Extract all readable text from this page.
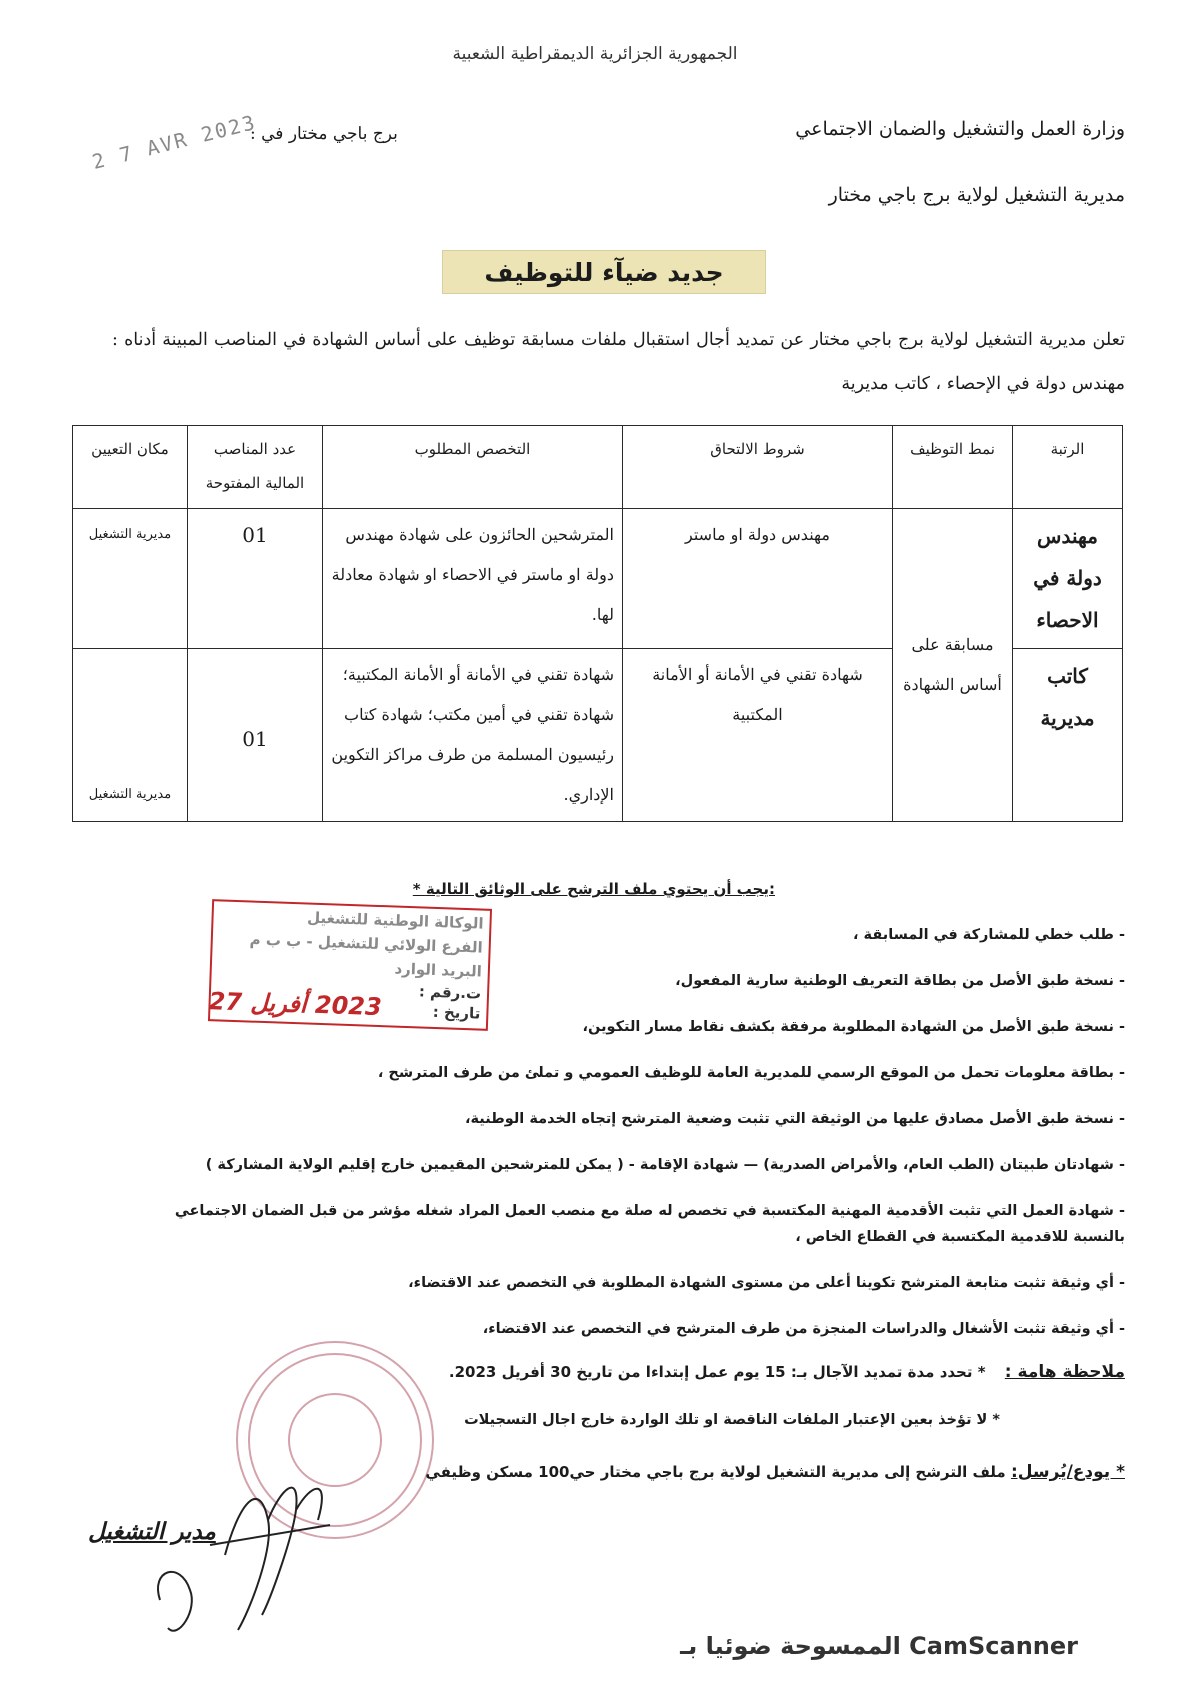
الجمهورية الجزائرية الديمقراطية الشعبية
وزارة العمل والتشغيل والضمان الاجتماعي
مديرية التشغيل لولاية برج باجي مختار
برج باجي مختار في :
2 7 AVR 2023
جديد ضيآء للتوظيف
تعلن مديرية التشغيل لولاية برج باجي مختار عن تمديد أجال استقبال ملفات مسابقة توظيف على أساس الشهادة في المناصب المبينة أدناه : مهندس دولة في الإحصاء ، كاتب مديرية
الرتبة	نمط التوظيف	شروط الالتحاق	التخصص المطلوب	عدد المناصب المالية المفتوحة	مكان التعيين
مهندس دولة في الاحصاء	مسابقة على أساس الشهادة	مهندس دولة او ماستر	المترشحين الحائزون على شهادة مهندس دولة او ماستر في الاحصاء او شهادة معادلة لها.	01	مديرية التشغيل
كاتب مديرية		شهادة تقني في الأمانة أو الأمانة المكتبية	شهادة تقني في الأمانة أو الأمانة المكتبية؛شهادة تقني في أمين مكتب؛ شهادة كتاب رئيسيون المسلمة من طرف مراكز التكوين الإداري.	01	مديرية التشغيل
* يجب أن يحتوي ملف الترشح على الوثائق التالية:
- طلب خطي للمشاركة في المسابقة ،
- نسخة طبق الأصل من بطاقة التعريف الوطنية سارية المفعول،
- نسخة طبق الأصل من الشهادة المطلوبة مرفقة بكشف نقاط مسار التكوين،
- بطاقة معلومات تحمل من الموقع الرسمي للمديرية العامة للوظيف العمومي و تملئ من طرف المترشح ،
- نسخة طبق الأصل مصادق عليها من الوثيقة التي تثبت وضعية المترشح إتجاه الخدمة الوطنية،
- شهادتان طبيتان (الطب العام، والأمراض الصدرية) — شهادة الإقامة - ( يمكن للمترشحين المقيمين خارج إقليم الولاية المشاركة )
- شهادة العمل التي تثبت الأقدمية المهنية المكتسبة في تخصص له صلة مع منصب العمل المراد شغله مؤشر من قبل الضمان الاجتماعي بالنسبة للاقدمية المكتسبة في القطاع الخاص ،
- أي وثيقة تثبت متابعة المترشح تكوينا أعلى من مستوى الشهادة المطلوبة في التخصص عند الاقتضاء،
- أي وثيقة تثبت الأشغال والدراسات المنجزة من طرف المترشح في التخصص عند الاقتضاء،
الوكالة الوطنية للتشغيل
الفرع الولائي للتشغيل - ب ب م
البريد الوارد
ت.رقم :
تاريخ :
2023 أفريل 27
ملاحظة هامة : * تحدد مدة تمديد الآجال بـ: 15 يوم عمل إبتداءا من تاريخ 30 أفريل 2023.
* لا تؤخذ بعين الإعتبار الملفات الناقصة او تلك الواردة خارج اجال التسجيلات
* يودع/يُرسل: ملف الترشح إلى مديرية التشغيل لولاية برج باجي مختار حي100 مسكن وظيفي
مدير التشغيل
الممسوحة ضوئيا بـ CamScanner
